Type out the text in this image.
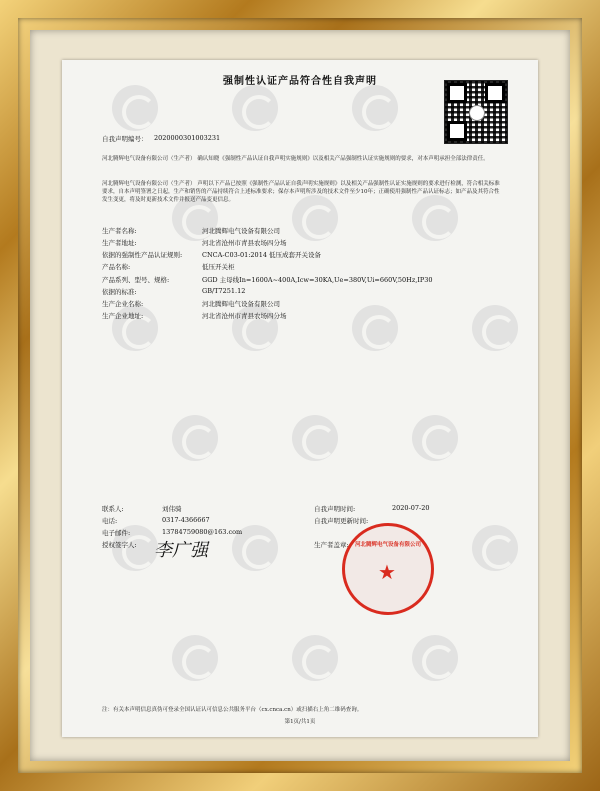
强制性认证产品符合性自我声明
自我声明编号： 2020000301003231
河北腾辉电气设备有限公司（生产者） 确认知晓《强制性产品认证自我声明实施规则》以及相关产品强制性认证实施规则的要求，对本声明承担全部法律责任。
河北腾辉电气设备有限公司（生产者） 声明以下产品已按照《强制性产品认证自我声明实施规则》以及相关产品强制性认证实施规则的要求进行检测，符合相关标准要求，自本声明签署之日起，生产和销售的产品持续符合上述标准要求；保存本声明所涉及的技术文件至少10年；正确使用强制性产品认证标志；如产品及其符合性发生变更，将及时更新技术文件并报送产品变更信息。
生产者名称:	河北腾辉电气设备有限公司
生产者地址:	河北省沧州市青县农场四分场
依据的强制性产品认证规则:	CNCA-C03-01:2014 低压成套开关设备
产品名称:	低压开关柜
产品系列、型号、规格:	GGD 主母线In=1600A~400A,Icw=30KA,Ue=380V,Ui=660V,50Hz,IP30
依据的标准:	GB/T7251.12
生产企业名称:	河北腾辉电气设备有限公司
生产企业地址:	河北省沧州市青县农场四分场
联系人:	刘伟骑
电话:	0317-4366667
电子邮件:	13784759080@163.com
授权签字人: 李广强
自我声明时间:	2020-07-20
自我声明更新时间:
生产者盖章:	河北腾辉电气设备有限公司
★
注：有关本声明信息真伪可登录全国认证认可信息公共服务平台（cx.cnca.cn）或扫描右上角二维码查询。
第1页/共1页
